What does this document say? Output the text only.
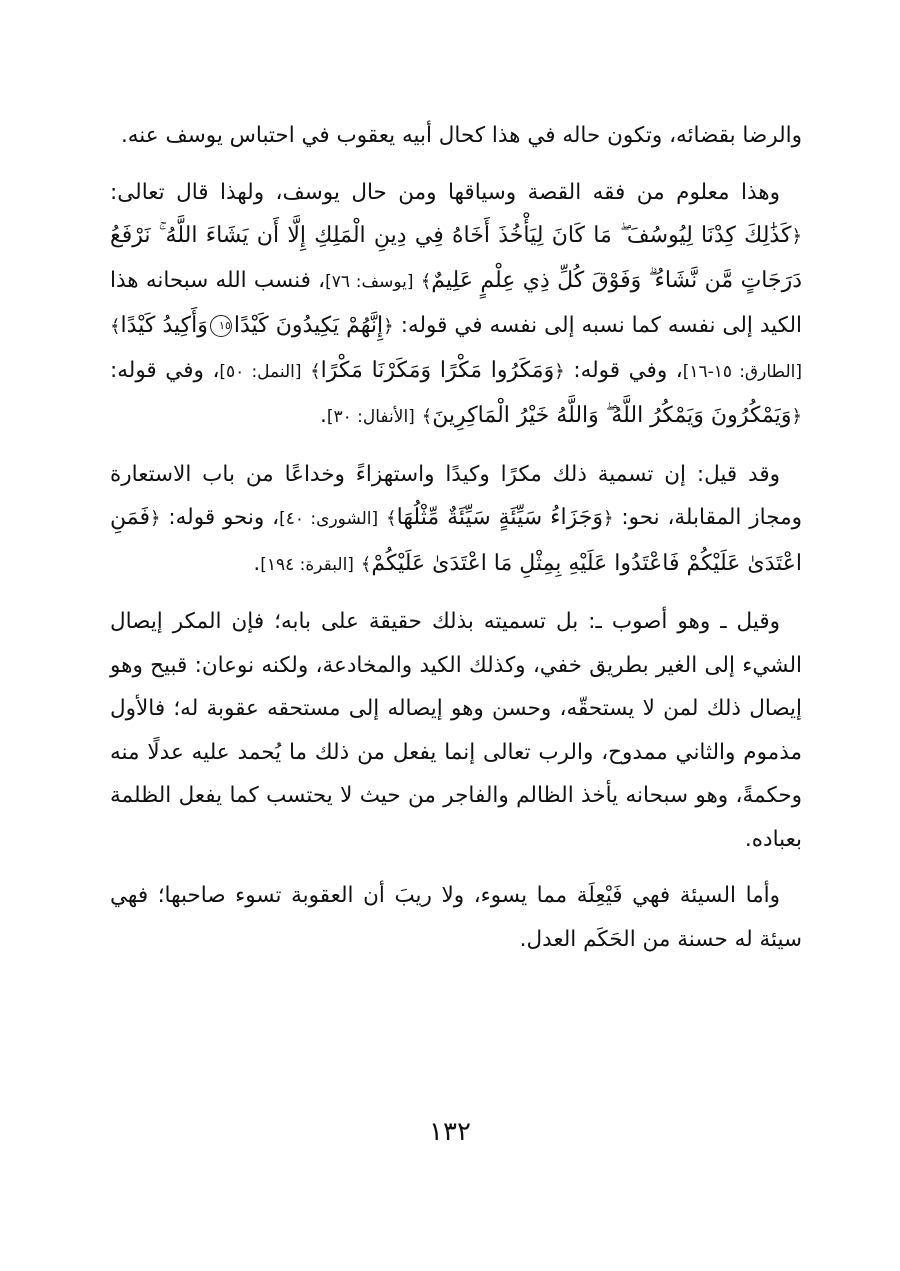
والرضا بقضائه، وتكون حاله في هذا كحال أبيه يعقوب في احتباس يوسف عنه.

وهذا معلوم من فقه القصة وسياقها ومن حال يوسف، ولهذا قال تعالى: ﴿كَذَٰلِكَ كِدْنَا لِيُوسُفَ ۖ مَا كَانَ لِيَأْخُذَ أَخَاهُ فِي دِينِ الْمَلِكِ إِلَّا أَن يَشَاءَ اللَّهُ ۚ نَرْفَعُ دَرَجَاتٍ مَّن نَّشَاءُ ۗ وَفَوْقَ كُلِّ ذِي عِلْمٍ عَلِيمٌ﴾ [يوسف: ٧٦]، فنسب الله سبحانه هذا الكيد إلى نفسه كما نسبه إلى نفسه في قوله: ﴿إِنَّهُمْ يَكِيدُونَ كَيْدًا١٥وَأَكِيدُ كَيْدًا﴾ [الطارق: ١٥-١٦]، وفي قوله: ﴿وَمَكَرُوا مَكْرًا وَمَكَرْنَا مَكْرًا﴾ [النمل: ٥٠]، وفي قوله: ﴿وَيَمْكُرُونَ وَيَمْكُرُ اللَّهُ ۖ وَاللَّهُ خَيْرُ الْمَاكِرِينَ﴾ [الأنفال: ٣٠].

وقد قيل: إن تسمية ذلك مكرًا وكيدًا واستهزاءً وخداعًا من باب الاستعارة ومجاز المقابلة، نحو: ﴿وَجَزَاءُ سَيِّئَةٍ سَيِّئَةٌ مِّثْلُهَا﴾ [الشورى: ٤٠]، ونحو قوله: ﴿فَمَنِ اعْتَدَىٰ عَلَيْكُمْ فَاعْتَدُوا عَلَيْهِ بِمِثْلِ مَا اعْتَدَىٰ عَلَيْكُمْ﴾ [البقرة: ١٩٤].

وقيل ـ وهو أصوب ـ: بل تسميته بذلك حقيقة على بابه؛ فإن المكر إيصال الشيء إلى الغير بطريق خفي، وكذلك الكيد والمخادعة، ولكنه نوعان: قبيح وهو إيصال ذلك لمن لا يستحقّه، وحسن وهو إيصاله إلى مستحقه عقوبة له؛ فالأول مذموم والثاني ممدوح، والرب تعالى إنما يفعل من ذلك ما يُحمد عليه عدلًا منه وحكمةً، وهو سبحانه يأخذ الظالم والفاجر من حيث لا يحتسب كما يفعل الظلمة بعباده.

وأما السيئة فهي فَيْعِلَة مما يسوء، ولا ريبَ أن العقوبة تسوء صاحبها؛ فهي سيئة له حسنة من الحَكَم العدل.

١٣٢
